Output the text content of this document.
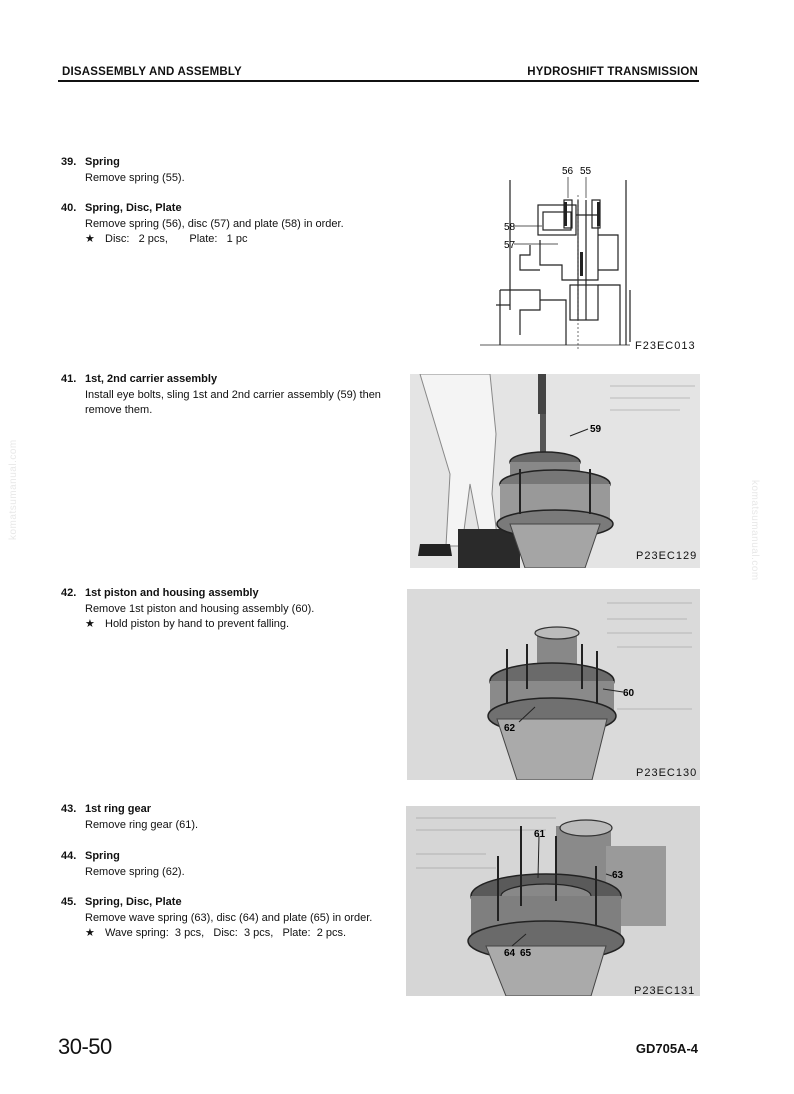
DISASSEMBLY AND ASSEMBLY	HYDROSHIFT TRANSMISSION
komatsumanual.com	komatsumanual.com
39. Spring
Remove spring (55).
40. Spring, Disc, Plate
Remove spring (56), disc (57) and plate (58) in order.
★ Disc:   2 pcs,       Plate:   1 pc
41. 1st, 2nd carrier assembly
Install eye bolts, sling 1st and 2nd carrier assembly (59) then remove them.
42. 1st piston and housing assembly
Remove 1st piston and housing assembly (60).
★ Hold piston by hand to prevent falling.
43. 1st ring gear
Remove ring gear (61).
44. Spring
Remove spring (62).
45. Spring, Disc, Plate
Remove wave spring (63), disc (64) and plate (65) in order.
★ Wave spring:  3 pcs,   Disc:  3 pcs,   Plate:  2 pcs.
56 55
58
57
F23EC013
59
P23EC129
60
62
P23EC130
61
63
64 65
P23EC131
30-50	GD705A-4
